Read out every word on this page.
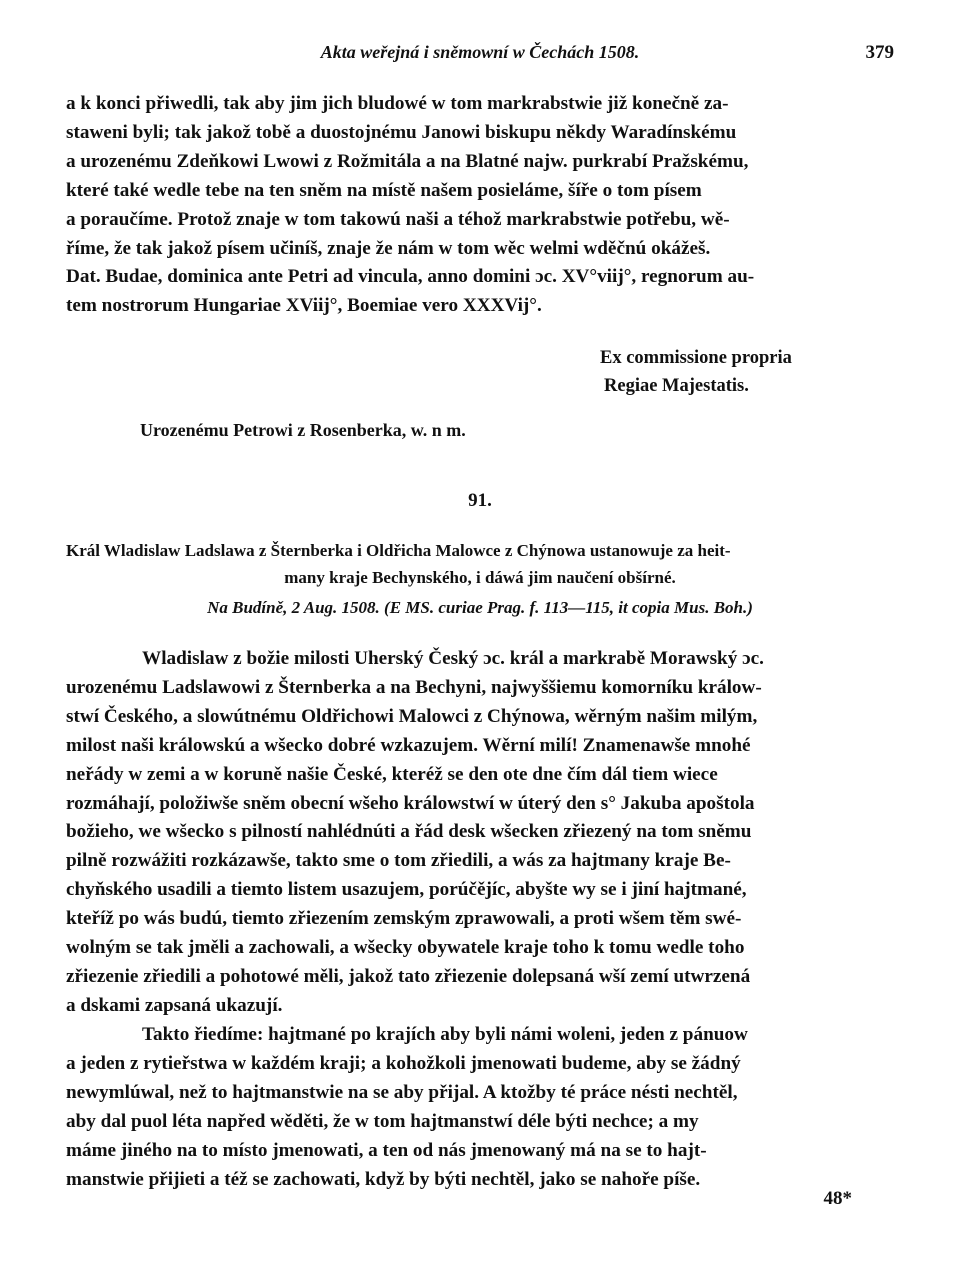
Akta weřejná i sněmowní w Čechách 1508.	379

a k konci přiwedli, tak aby jim jich bludowé w tom markrabstwie již konečně za-

staweni byli; tak jakož tobě a duostojnému Janowi biskupu někdy Waradínskému

a urozenému Zdeňkowi Lwowi z Rožmitála a na Blatné najw. purkrabí Pražskému,

které také wedle tebe na ten sněm na místě našem posieláme, šíře o tom písem

a poraučíme. Protož znaje w tom takowú naši a téhož markrabstwie potřebu, wě-

říme, že tak jakož písem učiníš, znaje že nám w tom wěc welmi wděčnú okážeš.

Dat. Budae, dominica ante Petri ad vincula, anno domini ɔc. XV°viij°, regnorum au-

tem nostrorum Hungariae XViij°, Boemiae vero XXXVij°.

Ex commissione propria
Regiae Majestatis.
Urozenému Petrowi z Rosenberka, w. n m.
91.
Král Wladislaw Ladslawa z Šternberka i Oldřicha Malowce z Chýnowa ustanowuje za heit-
many kraje Bechynského, i dáwá jim naučení obšírné.
Na Budíně, 2 Aug. 1508. (E MS. curiae Prag. f. 113—115, it copia Mus. Boh.)

Wladislaw z božie milosti Uherský Český ɔc. král a markrabě Morawský ɔc.

urozenému Ladslawowi z Šternberka a na Bechyni, najwyššiemu komorníku králow-

stwí Českého, a slowútnému Oldřichowi Malowci z Chýnowa, wěrným našim milým,

milost naši králowskú a wšecko dobré wzkazujem. Wěrní milí! Znamenawše mnohé

neřády w zemi a w koruně našie České, kteréž se den ote dne čím dál tiem wiece

rozmáhají, položiwše sněm obecní wšeho králowstwí w úterý den s° Jakuba apoštola

božieho, we wšecko s pilností nahlédnúti a řád desk wšecken zřiezený na tom sněmu

pilně rozwážiti rozkázawše, takto sme o tom zřiedili, a wás za hajtmany kraje Be-

chyňského usadili a tiemto listem usazujem, porúčějíc, abyšte wy se i jiní hajtmané,

kteříž po wás budú, tiemto zřiezením zemským zprawowali, a proti wšem těm swé-

wolným se tak jměli a zachowali, a wšecky obywatele kraje toho k tomu wedle toho

zřiezenie zřiedili a pohotowé měli, jakož tato zřiezenie dolepsaná wší zemí utwrzená

a dskami zapsaná ukazují.

Takto řiedíme: hajtmané po krajích aby byli námi woleni, jeden z pánuow

a jeden z rytieřstwa w každém kraji; a kohožkoli jmenowati budeme, aby se žádný

newymlúwal, než to hajtmanstwie na se aby přijal. A ktožby té práce nésti nechtěl,

aby dal puol léta napřed wěděti, že w tom hajtmanstwí déle býti nechce; a my

máme jiného na to místo jmenowati, a ten od nás jmenowaný má na se to hajt-

manstwie přijieti a též se zachowati, když by býti nechtěl, jako se nahoře píše.

48*
